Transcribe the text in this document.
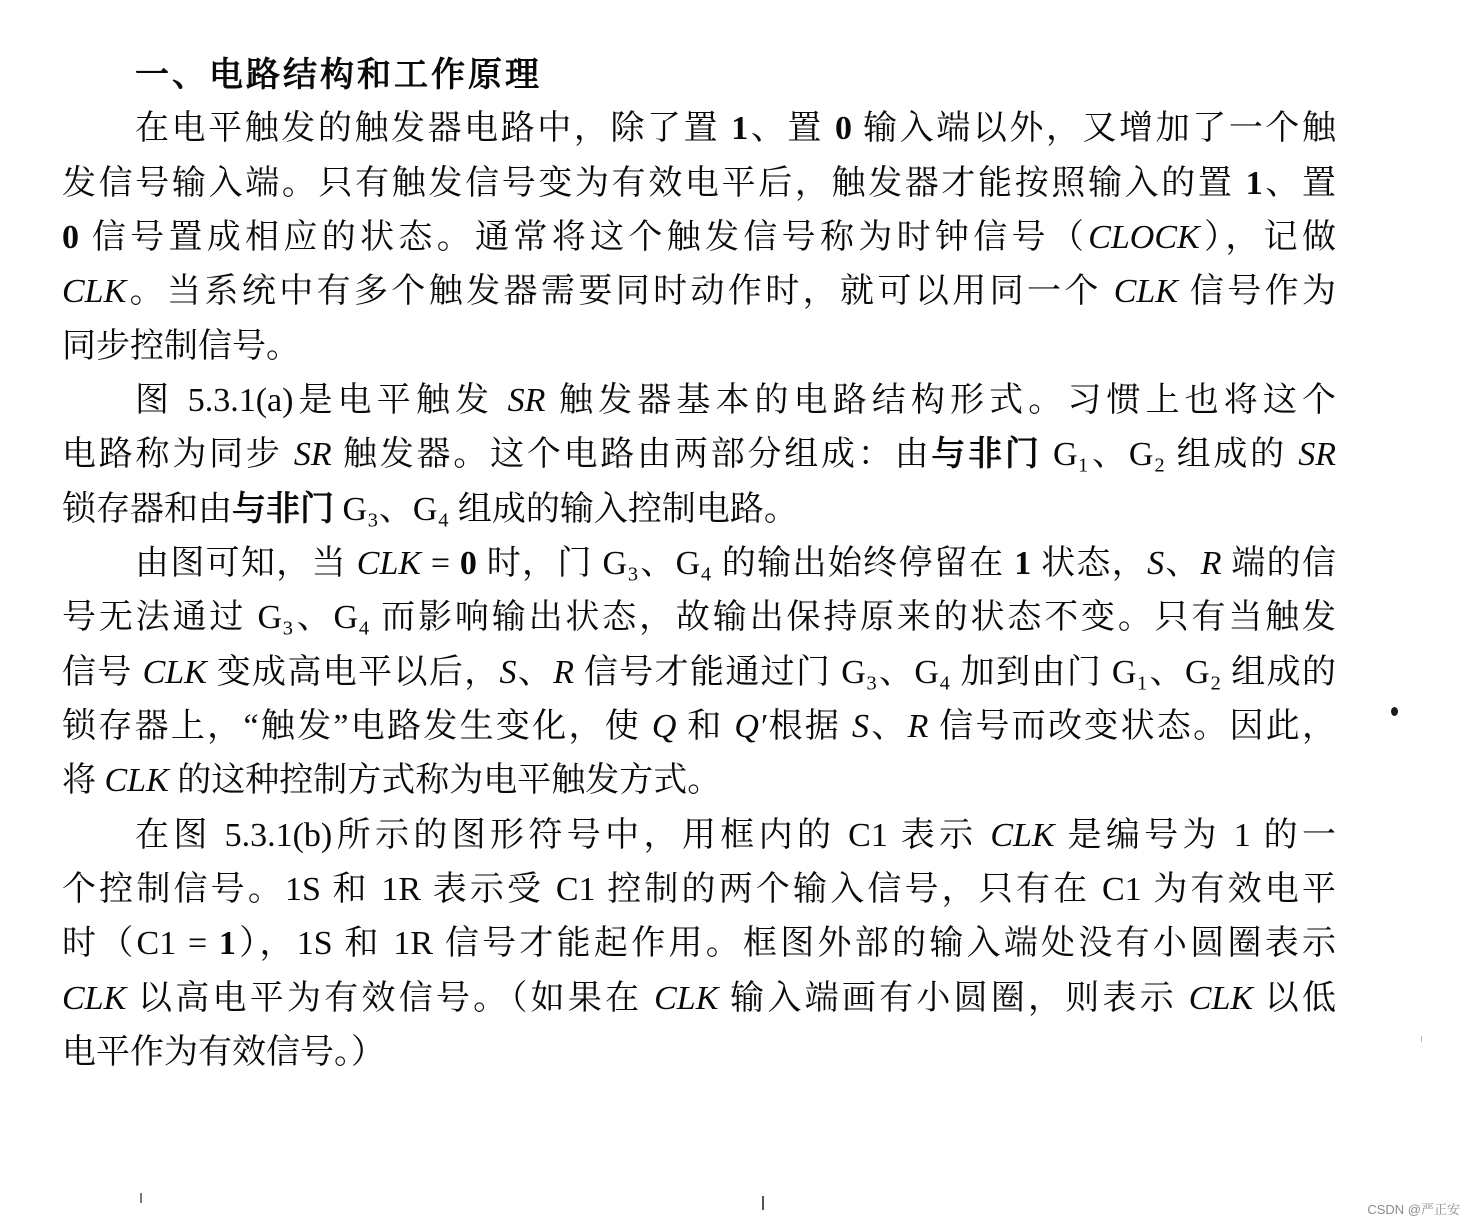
一、电路结构和工作原理
在电平触发的触发器电路中，除了置 1、置 0 输入端以外，又增加了一个触
发信号输入端。只有触发信号变为有效电平后，触发器才能按照输入的置 1、置
0 信号置成相应的状态。通常将这个触发信号称为时钟信号（CLOCK），记做
CLK。当系统中有多个触发器需要同时动作时，就可以用同一个 CLK 信号作为
同步控制信号。
图 5.3.1(a)是电平触发 SR 触发器基本的电路结构形式。习惯上也将这个
电路称为同步 SR 触发器。这个电路由两部分组成：由与非门 G₁、G₂ 组成的 SR
锁存器和由与非门 G₃、G₄ 组成的输入控制电路。
由图可知，当 CLK = 0 时，门 G₃、G₄ 的输出始终停留在 1 状态，S、R 端的信
号无法通过 G₃、G₄ 而影响输出状态，故输出保持原来的状态不变。只有当触发
信号 CLK 变成高电平以后，S、R 信号才能通过门 G₃、G₄ 加到由门 G₁、G₂ 组成的
锁存器上，“触发”电路发生变化，使 Q 和 Q′根据 S、R 信号而改变状态。因此，
将 CLK 的这种控制方式称为电平触发方式。
在图 5.3.1(b)所示的图形符号中，用框内的 C1 表示 CLK 是编号为 1 的一
个控制信号。1S 和 1R 表示受 C1 控制的两个输入信号，只有在 C1 为有效电平
时（C1 = 1），1S 和 1R 信号才能起作用。框图外部的输入端处没有小圆圈表示
CLK 以高电平为有效信号。（如果在 CLK 输入端画有小圆圈，则表示 CLK 以低
电平作为有效信号。）
CSDN @严正安
